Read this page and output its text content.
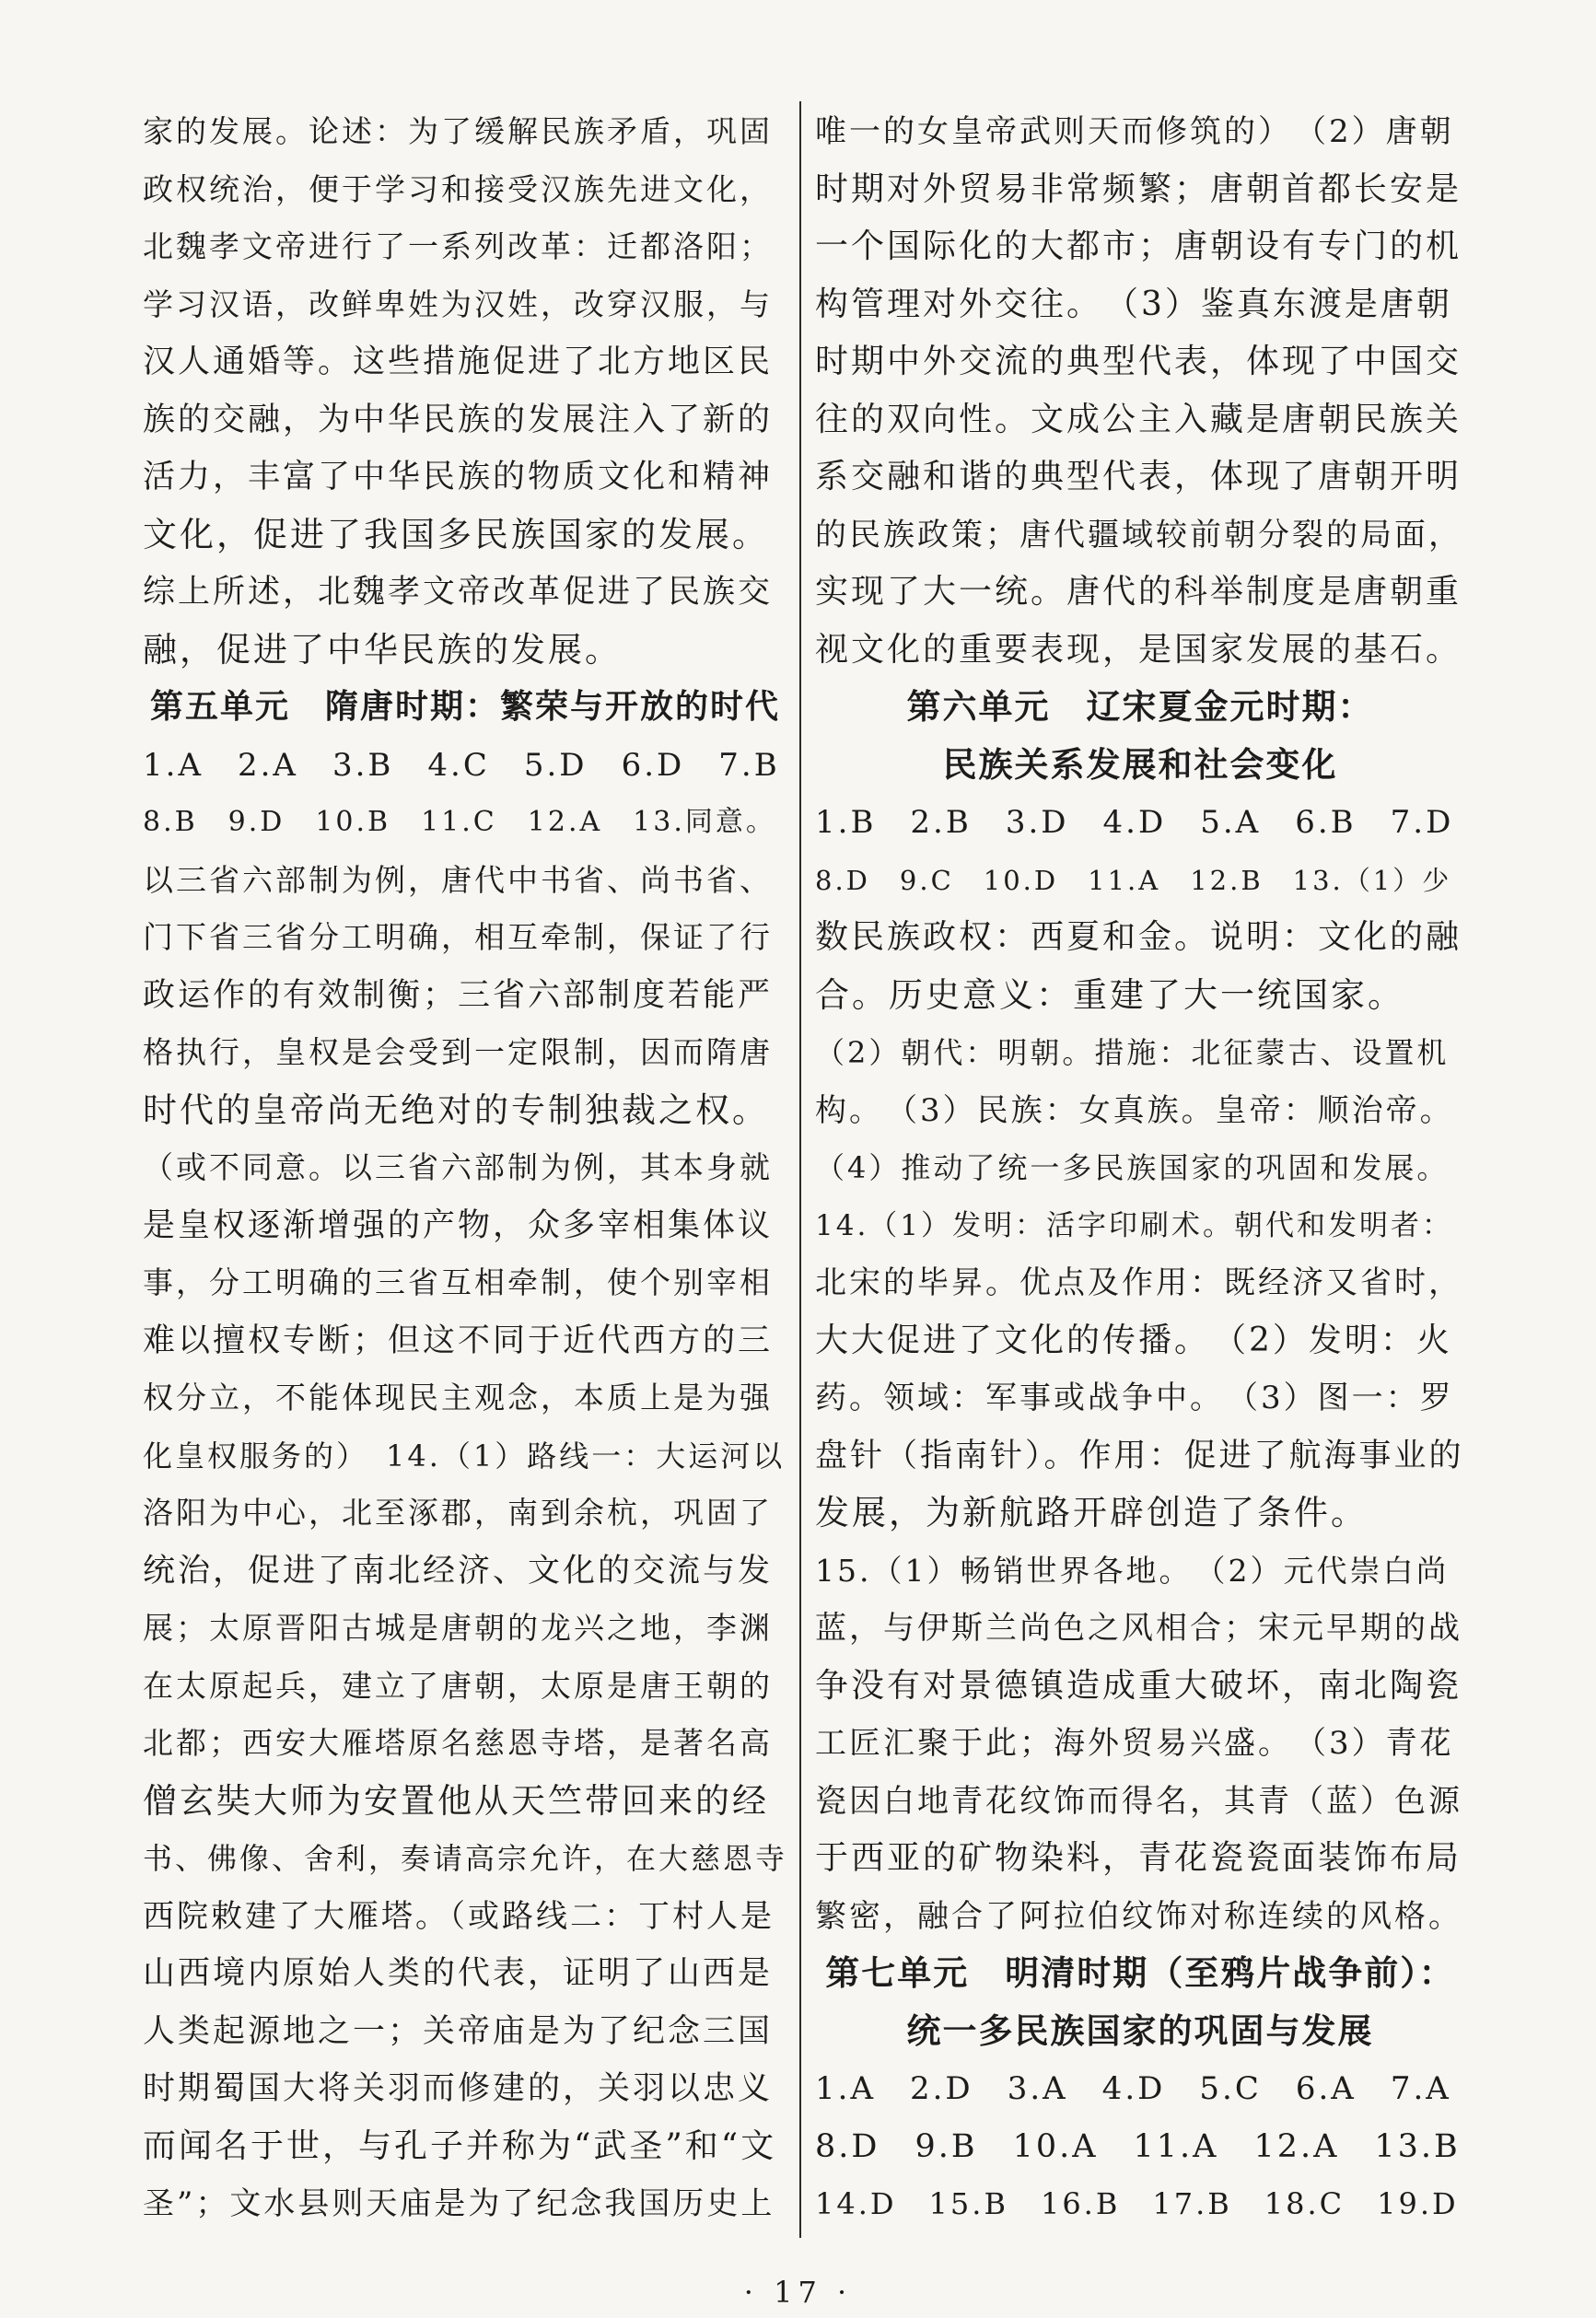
家的发展。论述：为了缓解民族矛盾，巩固
政权统治，便于学习和接受汉族先进文化，
北魏孝文帝进行了一系列改革：迁都洛阳；
学习汉语，改鲜卑姓为汉姓，改穿汉服，与
汉人通婚等。这些措施促进了北方地区民
族的交融，为中华民族的发展注入了新的
活力，丰富了中华民族的物质文化和精神
文化，促进了我国多民族国家的发展。
综上所述，北魏孝文帝改革促进了民族交
融，促进了中华民族的发展。
第五单元　隋唐时期：繁荣与开放的时代
1.A　2.A　3.B　4.C　5.D　6.D　7.B
8.B　9.D　10.B　11.C　12.A　13.同意。
以三省六部制为例，唐代中书省、尚书省、
门下省三省分工明确，相互牵制，保证了行
政运作的有效制衡；三省六部制度若能严
格执行，皇权是会受到一定限制，因而隋唐
时代的皇帝尚无绝对的专制独裁之权。
（或不同意。以三省六部制为例，其本身就
是皇权逐渐增强的产物，众多宰相集体议
事，分工明确的三省互相牵制，使个别宰相
难以擅权专断；但这不同于近代西方的三
权分立，不能体现民主观念，本质上是为强
化皇权服务的）　14.（1）路线一：大运河以
洛阳为中心，北至涿郡，南到余杭，巩固了
统治，促进了南北经济、文化的交流与发
展；太原晋阳古城是唐朝的龙兴之地，李渊
在太原起兵，建立了唐朝，太原是唐王朝的
北都；西安大雁塔原名慈恩寺塔，是著名高
僧玄奘大师为安置他从天竺带回来的经
书、佛像、舍利，奏请高宗允许，在大慈恩寺
西院敕建了大雁塔。（或路线二：丁村人是
山西境内原始人类的代表，证明了山西是
人类起源地之一；关帝庙是为了纪念三国
时期蜀国大将关羽而修建的，关羽以忠义
而闻名于世，与孔子并称为“武圣”和“文
圣”；文水县则天庙是为了纪念我国历史上
唯一的女皇帝武则天而修筑的）　（2）唐朝
时期对外贸易非常频繁；唐朝首都长安是
一个国际化的大都市；唐朝设有专门的机
构管理对外交往。　（3）鉴真东渡是唐朝
时期中外交流的典型代表，体现了中国交
往的双向性。文成公主入藏是唐朝民族关
系交融和谐的典型代表，体现了唐朝开明
的民族政策；唐代疆域较前朝分裂的局面，
实现了大一统。唐代的科举制度是唐朝重
视文化的重要表现，是国家发展的基石。
第六单元　辽宋夏金元时期：
民族关系发展和社会变化
1.B　2.B　3.D　4.D　5.A　6.B　7.D
8.D　9.C　10.D　11.A　12.B　13.（1）少
数民族政权：西夏和金。说明：文化的融
合。历史意义：重建了大一统国家。
（2）朝代：明朝。措施：北征蒙古、设置机
构。　（3）民族：女真族。皇帝：顺治帝。
（4）推动了统一多民族国家的巩固和发展。
14.（1）发明：活字印刷术。朝代和发明者：
北宋的毕昇。优点及作用：既经济又省时，
大大促进了文化的传播。　（2）发明：火
药。领域：军事或战争中。　（3）图一：罗
盘针（指南针）。作用：促进了航海事业的
发展，为新航路开辟创造了条件。
15.（1）畅销世界各地。　（2）元代崇白尚
蓝，与伊斯兰尚色之风相合；宋元早期的战
争没有对景德镇造成重大破坏，南北陶瓷
工匠汇聚于此；海外贸易兴盛。　（3）青花
瓷因白地青花纹饰而得名，其青（蓝）色源
于西亚的矿物染料，青花瓷瓷面装饰布局
繁密，融合了阿拉伯纹饰对称连续的风格。
第七单元　明清时期（至鸦片战争前）：
统一多民族国家的巩固与发展
1.A　2.D　3.A　4.D　5.C　6.A　7.A
8.D　9.B　10.A　11.A　12.A　13.B
14.D　15.B　16.B　17.B　18.C　19.D
· 17 ·
